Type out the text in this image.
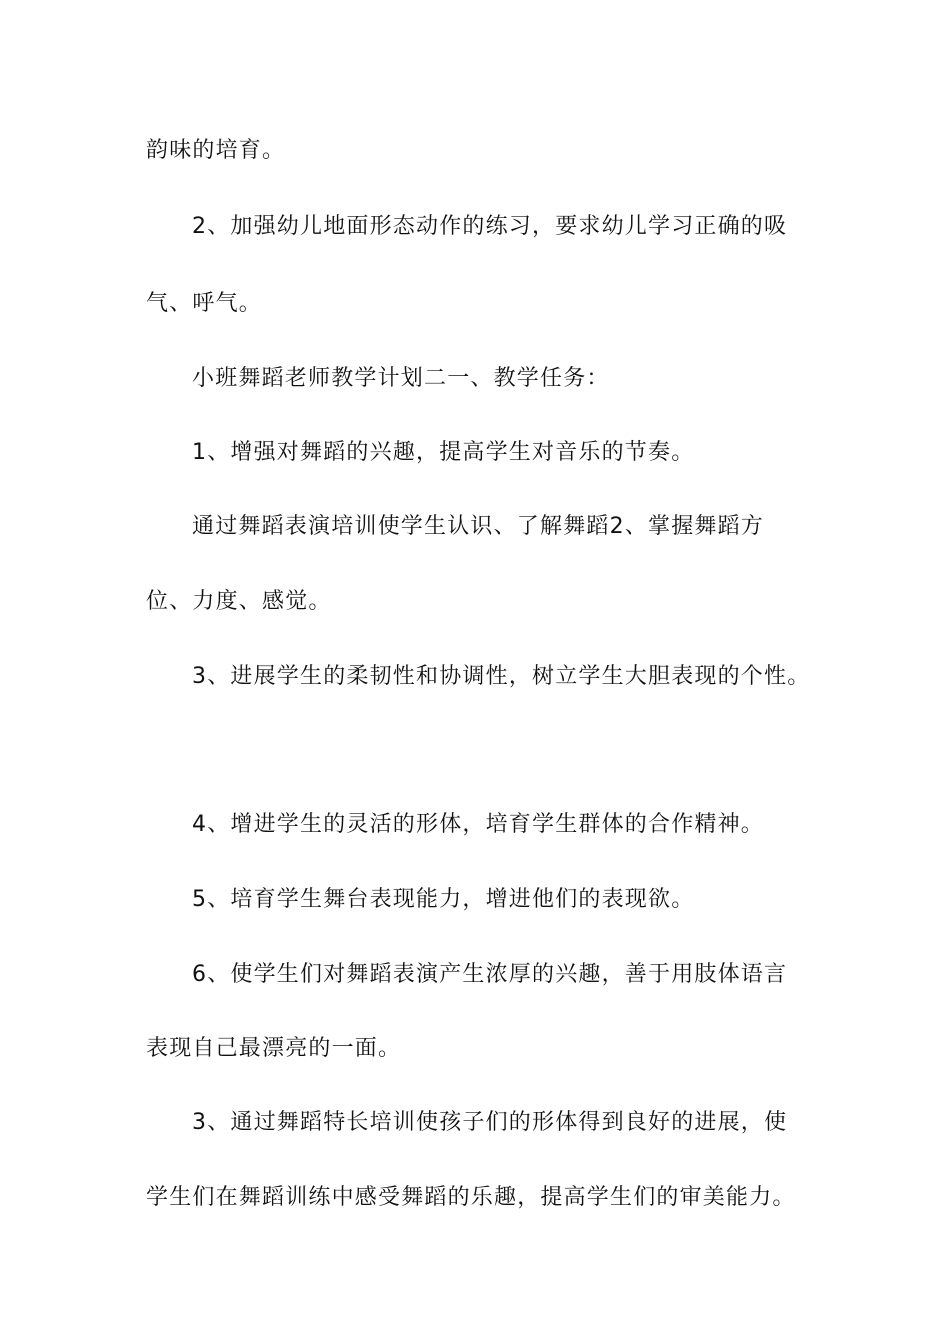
韵味的培育。
2、加强幼儿地面形态动作的练习，要求幼儿学习正确的吸
气、呼气。
小班舞蹈老师教学计划二一、教学任务：
1、增强对舞蹈的兴趣，提高学生对音乐的节奏。
通过舞蹈表演培训使学生认识、了解舞蹈2、掌握舞蹈方
位、力度、感觉。
3、进展学生的柔韧性和协调性，树立学生大胆表现的个性。
4、增进学生的灵活的形体，培育学生群体的合作精神。
5、培育学生舞台表现能力，增进他们的表现欲。
6、使学生们对舞蹈表演产生浓厚的兴趣，善于用肢体语言
表现自己最漂亮的一面。
3、通过舞蹈特长培训使孩子们的形体得到良好的进展，使
学生们在舞蹈训练中感受舞蹈的乐趣，提高学生们的审美能力。
